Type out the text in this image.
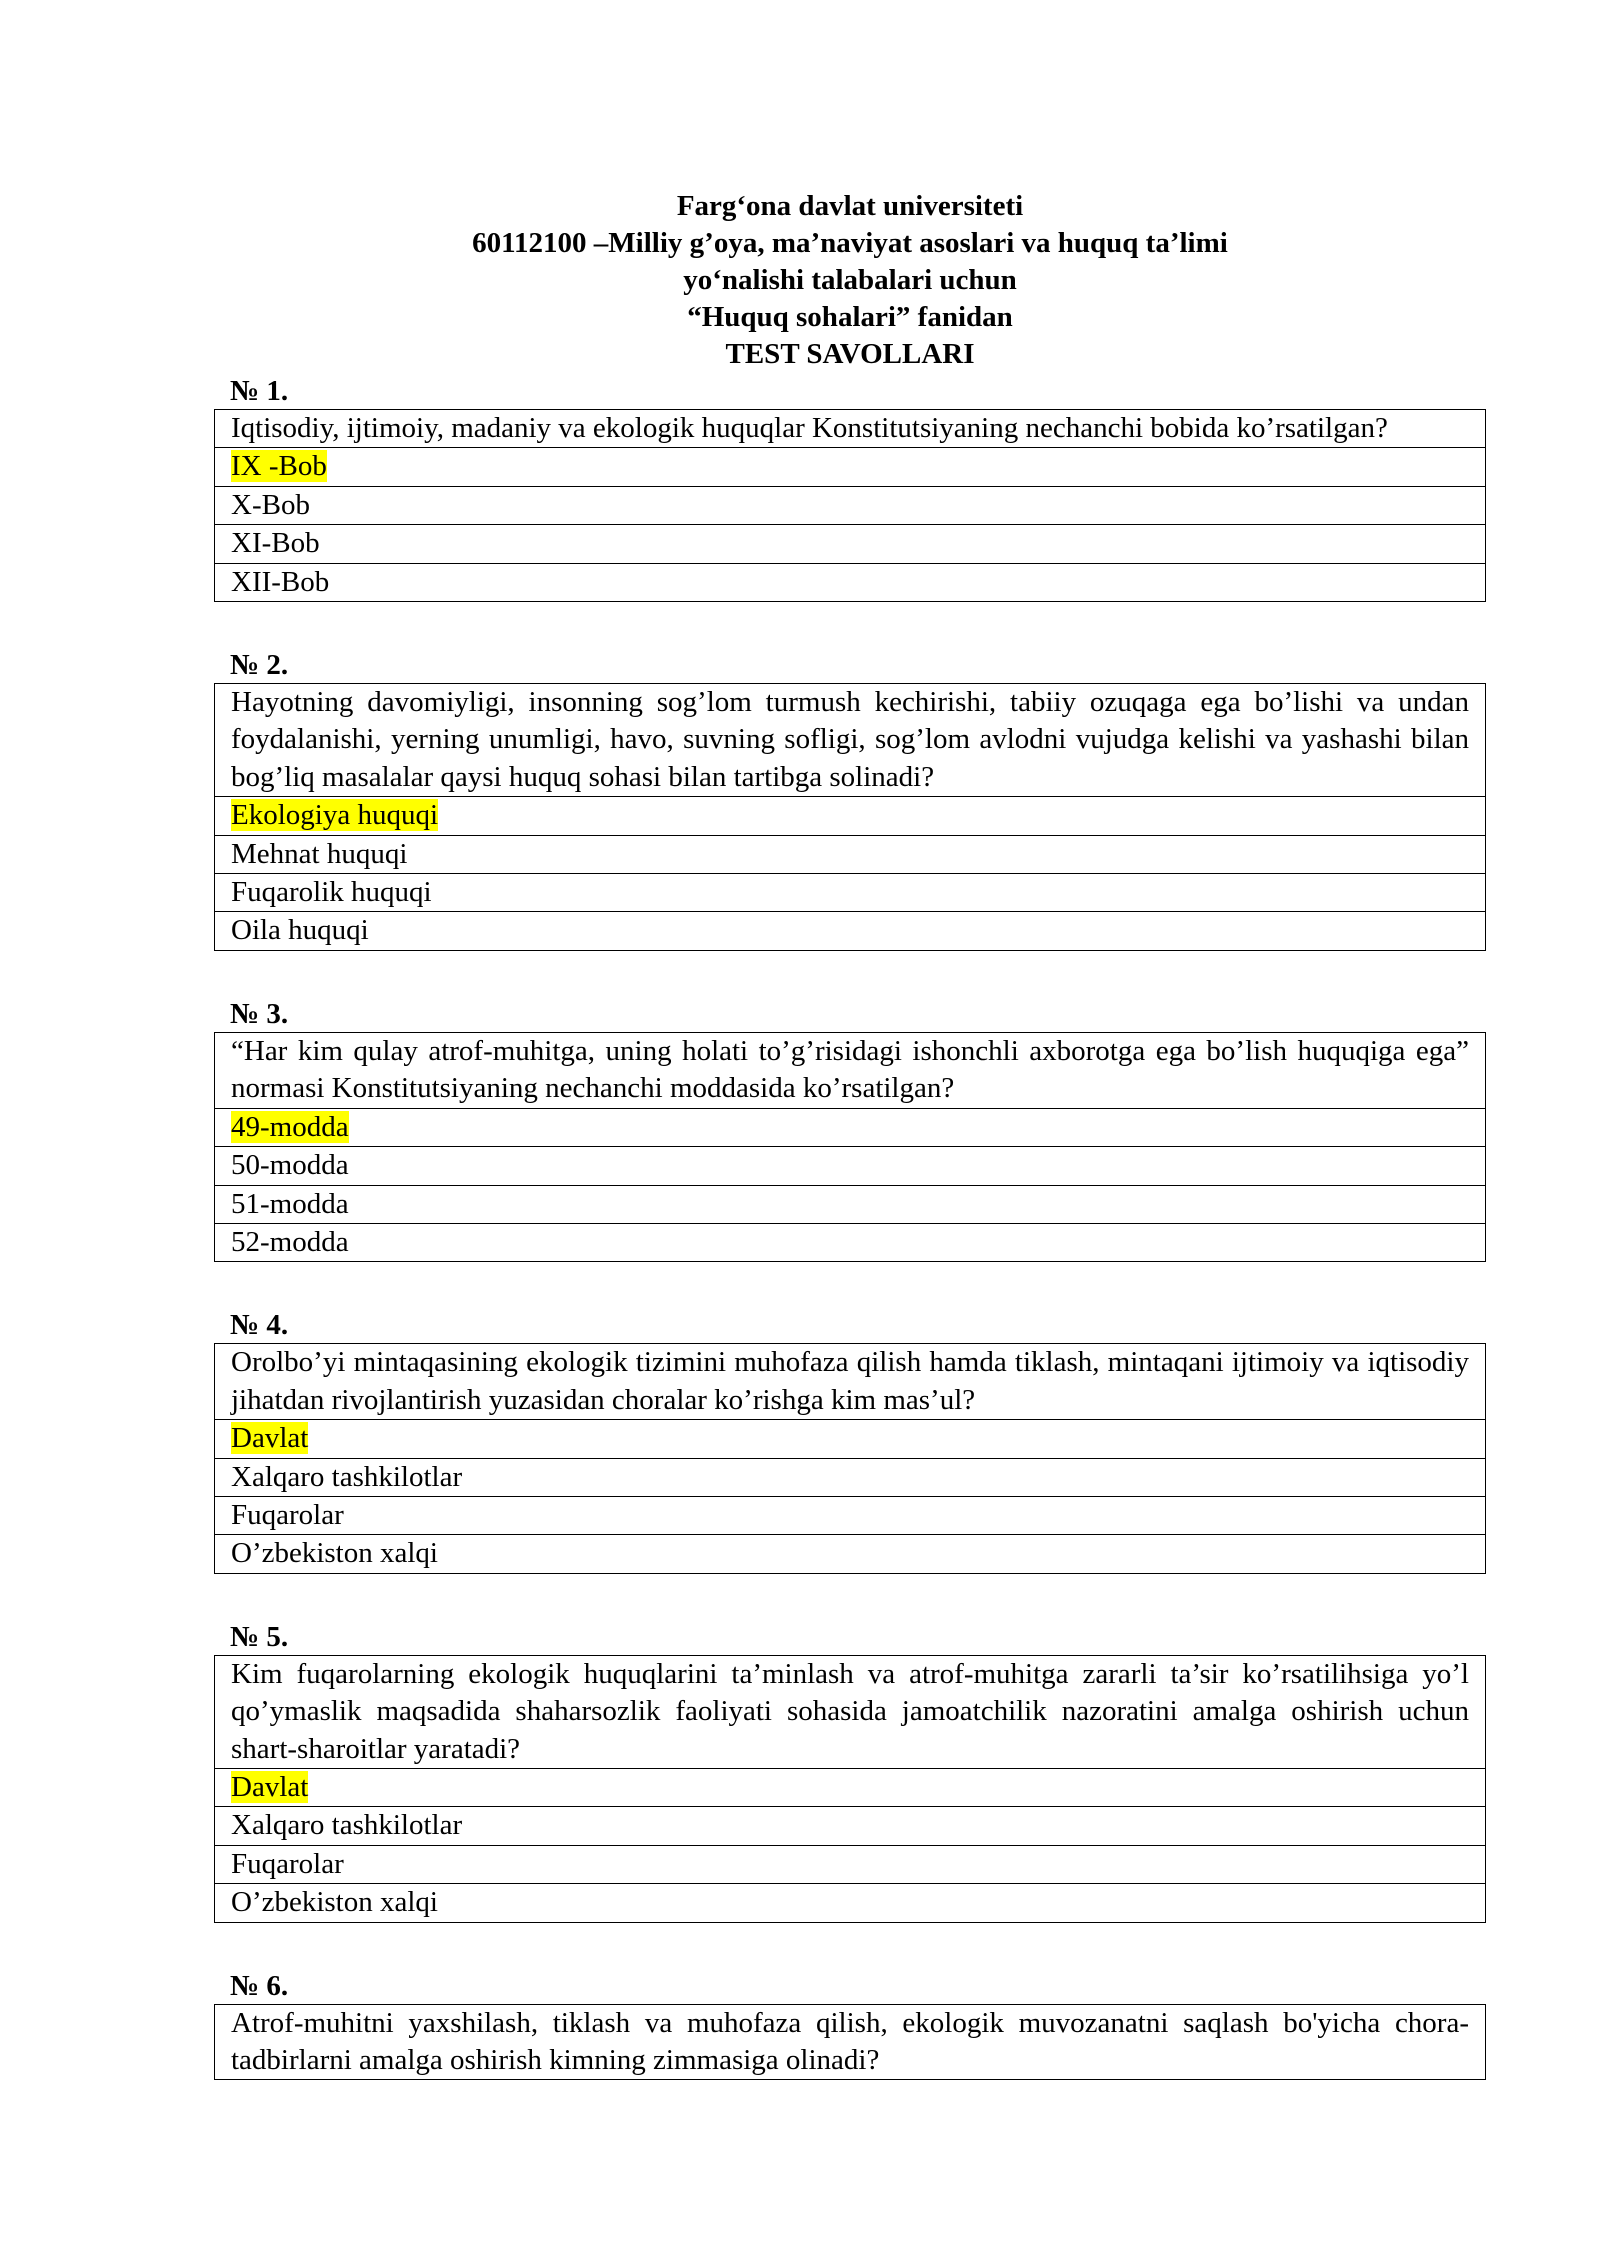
Farg‘ona davlat universiteti
60112100 –Milliy g’oya, ma’naviyat asoslari va huquq ta’limi
yo‘nalishi talabalari uchun
“Huquq sohalari” fanidan
TEST SAVOLLARI
№ 1.
Iqtisodiy, ijtimoiy, madaniy va ekologik huquqlar Konstitutsiyaning nechanchi bobida ko’rsatilgan?
IX -Bob
X-Bob
XI-Bob
XII-Bob
№ 2.
Hayotning davomiyligi, insonning sog’lom turmush kechirishi, tabiiy ozuqaga ega bo’lishi va undan foydalanishi, yerning unumligi, havo, suvning sofligi, sog’lom avlodni vujudga kelishi va yashashi bilan bog’liq masalalar qaysi huquq sohasi bilan tartibga solinadi?
Ekologiya huquqi
Mehnat huquqi
Fuqarolik huquqi
Oila huquqi
№ 3.
“Har kim qulay atrof-muhitga, uning holati to’g’risidagi ishonchli axborotga ega bo’lish huquqiga ega” normasi Konstitutsiyaning nechanchi moddasida ko’rsatilgan?
49-modda
50-modda
51-modda
52-modda
№ 4.
Orolbo’yi mintaqasining ekologik tizimini muhofaza qilish hamda tiklash, mintaqani ijtimoiy va iqtisodiy jihatdan rivojlantirish yuzasidan choralar ko’rishga kim mas’ul?
Davlat
Xalqaro tashkilotlar
Fuqarolar
O’zbekiston xalqi
№ 5.
Kim fuqarolarning ekologik huquqlarini ta’minlash va atrof-muhitga zararli ta’sir ko’rsatilihsiga yo’l qo’ymaslik maqsadida shaharsozlik faoliyati sohasida jamoatchilik nazoratini amalga oshirish uchun shart-sharoitlar yaratadi?
Davlat
Xalqaro tashkilotlar
Fuqarolar
O’zbekiston xalqi
№ 6.
Atrof-muhitni yaxshilash, tiklash va muhofaza qilish, ekologik muvozanatni saqlash bo'yicha chora-tadbirlarni amalga oshirish kimning zimmasiga olinadi?
